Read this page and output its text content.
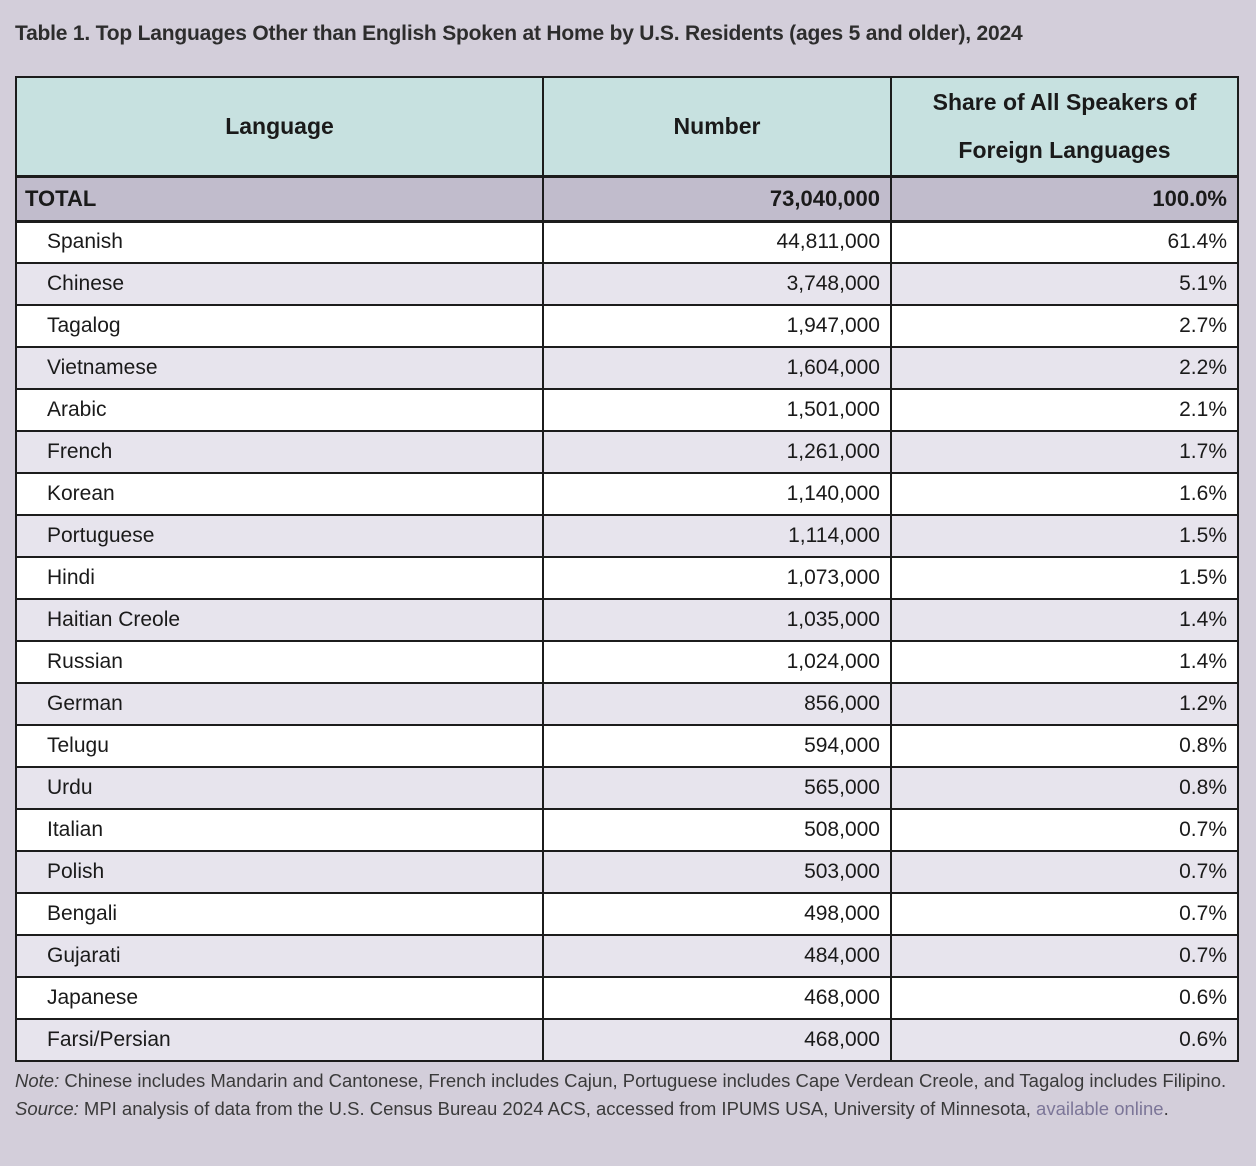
Table 1. Top Languages Other than English Spoken at Home by U.S. Residents (ages 5 and older), 2024
Language	Number	Share of All Speakers of Foreign Languages
TOTAL	73,040,000	100.0%
Spanish	44,811,000	61.4%
Chinese	3,748,000	5.1%
Tagalog	1,947,000	2.7%
Vietnamese	1,604,000	2.2%
Arabic	1,501,000	2.1%
French	1,261,000	1.7%
Korean	1,140,000	1.6%
Portuguese	1,114,000	1.5%
Hindi	1,073,000	1.5%
Haitian Creole	1,035,000	1.4%
Russian	1,024,000	1.4%
German	856,000	1.2%
Telugu	594,000	0.8%
Urdu	565,000	0.8%
Italian	508,000	0.7%
Polish	503,000	0.7%
Bengali	498,000	0.7%
Gujarati	484,000	0.7%
Japanese	468,000	0.6%
Farsi/Persian	468,000	0.6%
Note: Chinese includes Mandarin and Cantonese, French includes Cajun, Portuguese includes Cape Verdean Creole, and Tagalog includes Filipino.
Source: MPI analysis of data from the U.S. Census Bureau 2024 ACS, accessed from IPUMS USA, University of Minnesota, available online.
